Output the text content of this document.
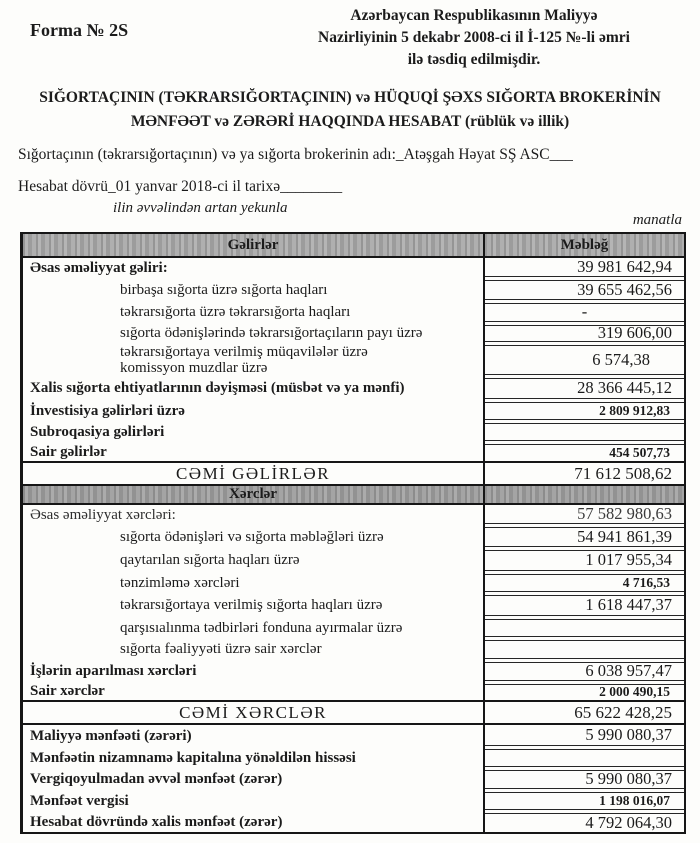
Forma № 2S
Azərbaycan Respublikasının Maliyyə
Nazirliyinin 5 dekabr 2008-ci il İ-125 №-li əmri
ilə təsdiq edilmişdir.
SIĞORTAÇININ (TƏKRARSIĞORTAÇININ) və HÜQUQİ ŞƏXS SIĞORTA BROKERİNİN
MƏNFƏƏT və ZƏRƏRİ HAQQINDA HESABAT (rüblük və illik)
Sığortaçının (təkrarsığortaçının) və ya sığorta brokerinin adı:_Atəşgah Həyat SŞ ASC___
Hesabat dövrü_01 yanvar 2018-ci il tarixə________
ilin əvvəlindən artan yekunla
manatla
Gəlirlər	Məbləğ
Əsas əməliyyat gəliri:	39 981 642,94
birbaşa sığorta üzrə sığorta haqları	39 655 462,56
təkrarsığorta üzrə təkrarsığorta haqları	-
sığorta ödənişlərində təkrarsığortaçıların payı üzrə	319 606,00
təkrarsığortaya verilmiş müqavilələr üzrə komissyon muzdlar üzrə	6 574,38
Xalis sığorta ehtiyatlarının dəyişməsi (müsbət və ya mənfi)	28 366 445,12
İnvestisiya gəlirləri üzrə	2 809 912,83
Subroqasiya gəlirləri
Sair gəlirlər	454 507,73
CƏMİ GƏLİRLƏR	71 612 508,62
Xərclər
Əsas əməliyyat xərcləri:	57 582 980,63
sığorta ödənişləri və sığorta məbləğləri üzrə	54 941 861,39
qaytarılan sığorta haqları üzrə	1 017 955,34
tənzimləmə xərcləri	4 716,53
təkrarsığortaya verilmiş sığorta haqları üzrə	1 618 447,37
qarşısıalınma tədbirləri fonduna ayırmalar üzrə
sığorta fəaliyyəti üzrə sair xərclər
İşlərin aparılması xərcləri	6 038 957,47
Sair xərclər	2 000 490,15
CƏMİ XƏRCLƏR	65 622 428,25
Maliyyə mənfəəti (zərəri)	5 990 080,37
Mənfəətin nizamnamə kapitalına yönəldilən hissəsi
Vergiqoyulmadan əvvəl mənfəət (zərər)	5 990 080,37
Mənfəət vergisi	1 198 016,07
Hesabat dövründə xalis mənfəət (zərər)	4 792 064,30
